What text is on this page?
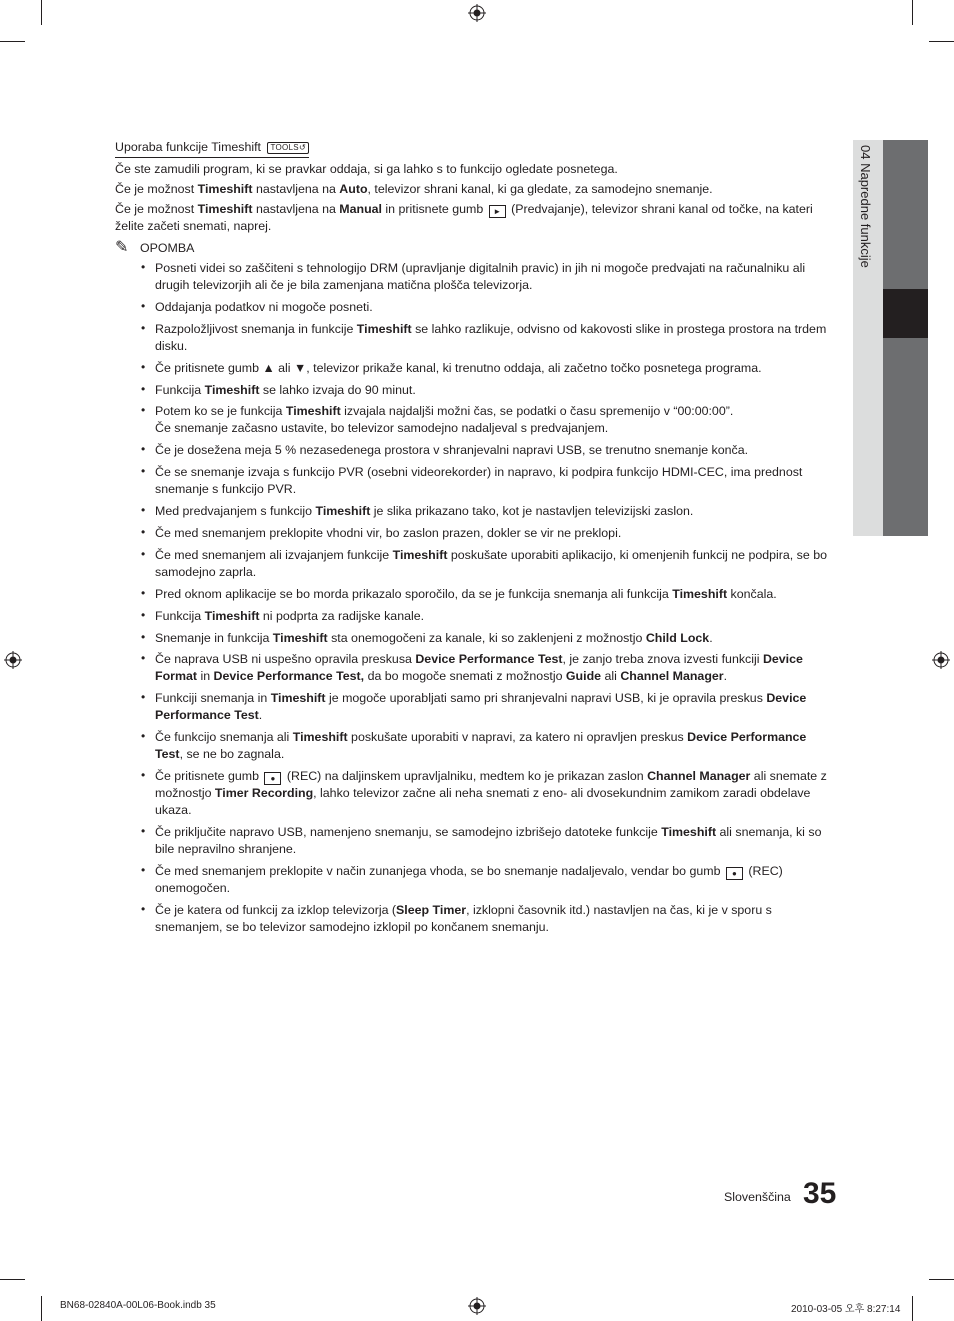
04 Napredne funkcije
Uporaba funkcije Timeshift TOOLS↺
Če ste zamudili program, ki se pravkar oddaja, si ga lahko s to funkcijo ogledate posnetega.
Če je možnost Timeshift nastavljena na Auto, televizor shrani kanal, ki ga gledate, za samodejno snemanje.
Če je možnost Timeshift nastavljena na Manual in pritisnete gumb ► (Predvajanje), televizor shrani kanal od točke, na kateri želite začeti snemati, naprej.
✎ OPOMBA
• Posneti videi so zaščiteni s tehnologijo DRM (upravljanje digitalnih pravic) in jih ni mogoče predvajati na računalniku ali drugih televizorjih ali če je bila zamenjana matična plošča televizorja.
• Oddajanja podatkov ni mogoče posneti.
• Razpoložljivost snemanja in funkcije Timeshift se lahko razlikuje, odvisno od kakovosti slike in prostega prostora na trdem disku.
• Če pritisnete gumb ▲ ali ▼, televizor prikaže kanal, ki trenutno oddaja, ali začetno točko posnetega programa.
• Funkcija Timeshift se lahko izvaja do 90 minut.
• Potem ko se je funkcija Timeshift izvajala najdaljši možni čas, se podatki o času spremenijo v “00:00:00”.
Če snemanje začasno ustavite, bo televizor samodejno nadaljeval s predvajanjem.
• Če je dosežena meja 5 % nezasedenega prostora v shranjevalni napravi USB, se trenutno snemanje konča.
• Če se snemanje izvaja s funkcijo PVR (osebni videorekorder) in napravo, ki podpira funkcijo HDMI-CEC, ima prednost snemanje s funkcijo PVR.
• Med predvajanjem s funkcijo Timeshift je slika prikazano tako, kot je nastavljen televizijski zaslon.
• Če med snemanjem preklopite vhodni vir, bo zaslon prazen, dokler se vir ne preklopi.
• Če med snemanjem ali izvajanjem funkcije Timeshift poskušate uporabiti aplikacijo, ki omenjenih funkcij ne podpira, se bo samodejno zaprla.
• Pred oknom aplikacije se bo morda prikazalo sporočilo, da se je funkcija snemanja ali funkcija Timeshift končala.
• Funkcija Timeshift ni podprta za radijske kanale.
• Snemanje in funkcija Timeshift sta onemogočeni za kanale, ki so zaklenjeni z možnostjo Child Lock.
• Če naprava USB ni uspešno opravila preskusa Device Performance Test, je zanjo treba znova izvesti funkciji Device Format in Device Performance Test, da bo mogoče snemati z možnostjo Guide ali Channel Manager.
• Funkciji snemanja in Timeshift je mogoče uporabljati samo pri shranjevalni napravi USB, ki je opravila preskus Device Performance Test.
• Če funkcijo snemanja ali Timeshift poskušate uporabiti v napravi, za katero ni opravljen preskus Device Performance Test, se ne bo zagnala.
• Če pritisnete gumb ● (REC) na daljinskem upravljalniku, medtem ko je prikazan zaslon Channel Manager ali snemate z možnostjo Timer Recording, lahko televizor začne ali neha snemati z eno- ali dvosekundnim zamikom zaradi obdelave ukaza.
• Če priključite napravo USB, namenjeno snemanju, se samodejno izbrišejo datoteke funkcije Timeshift ali snemanja, ki so bile nepravilno shranjene.
• Če med snemanjem preklopite v način zunanjega vhoda, se bo snemanje nadaljevalo, vendar bo gumb ● (REC) onemogočen.
• Če je katera od funkcij za izklop televizorja (Sleep Timer, izklopni časovnik itd.) nastavljen na čas, ki je v sporu s snemanjem, se bo televizor samodejno izklopil po končanem snemanju.
Slovenščina 35
BN68-02840A-00L06-Book.indb 35	2010-03-05 오후 8:27:14
